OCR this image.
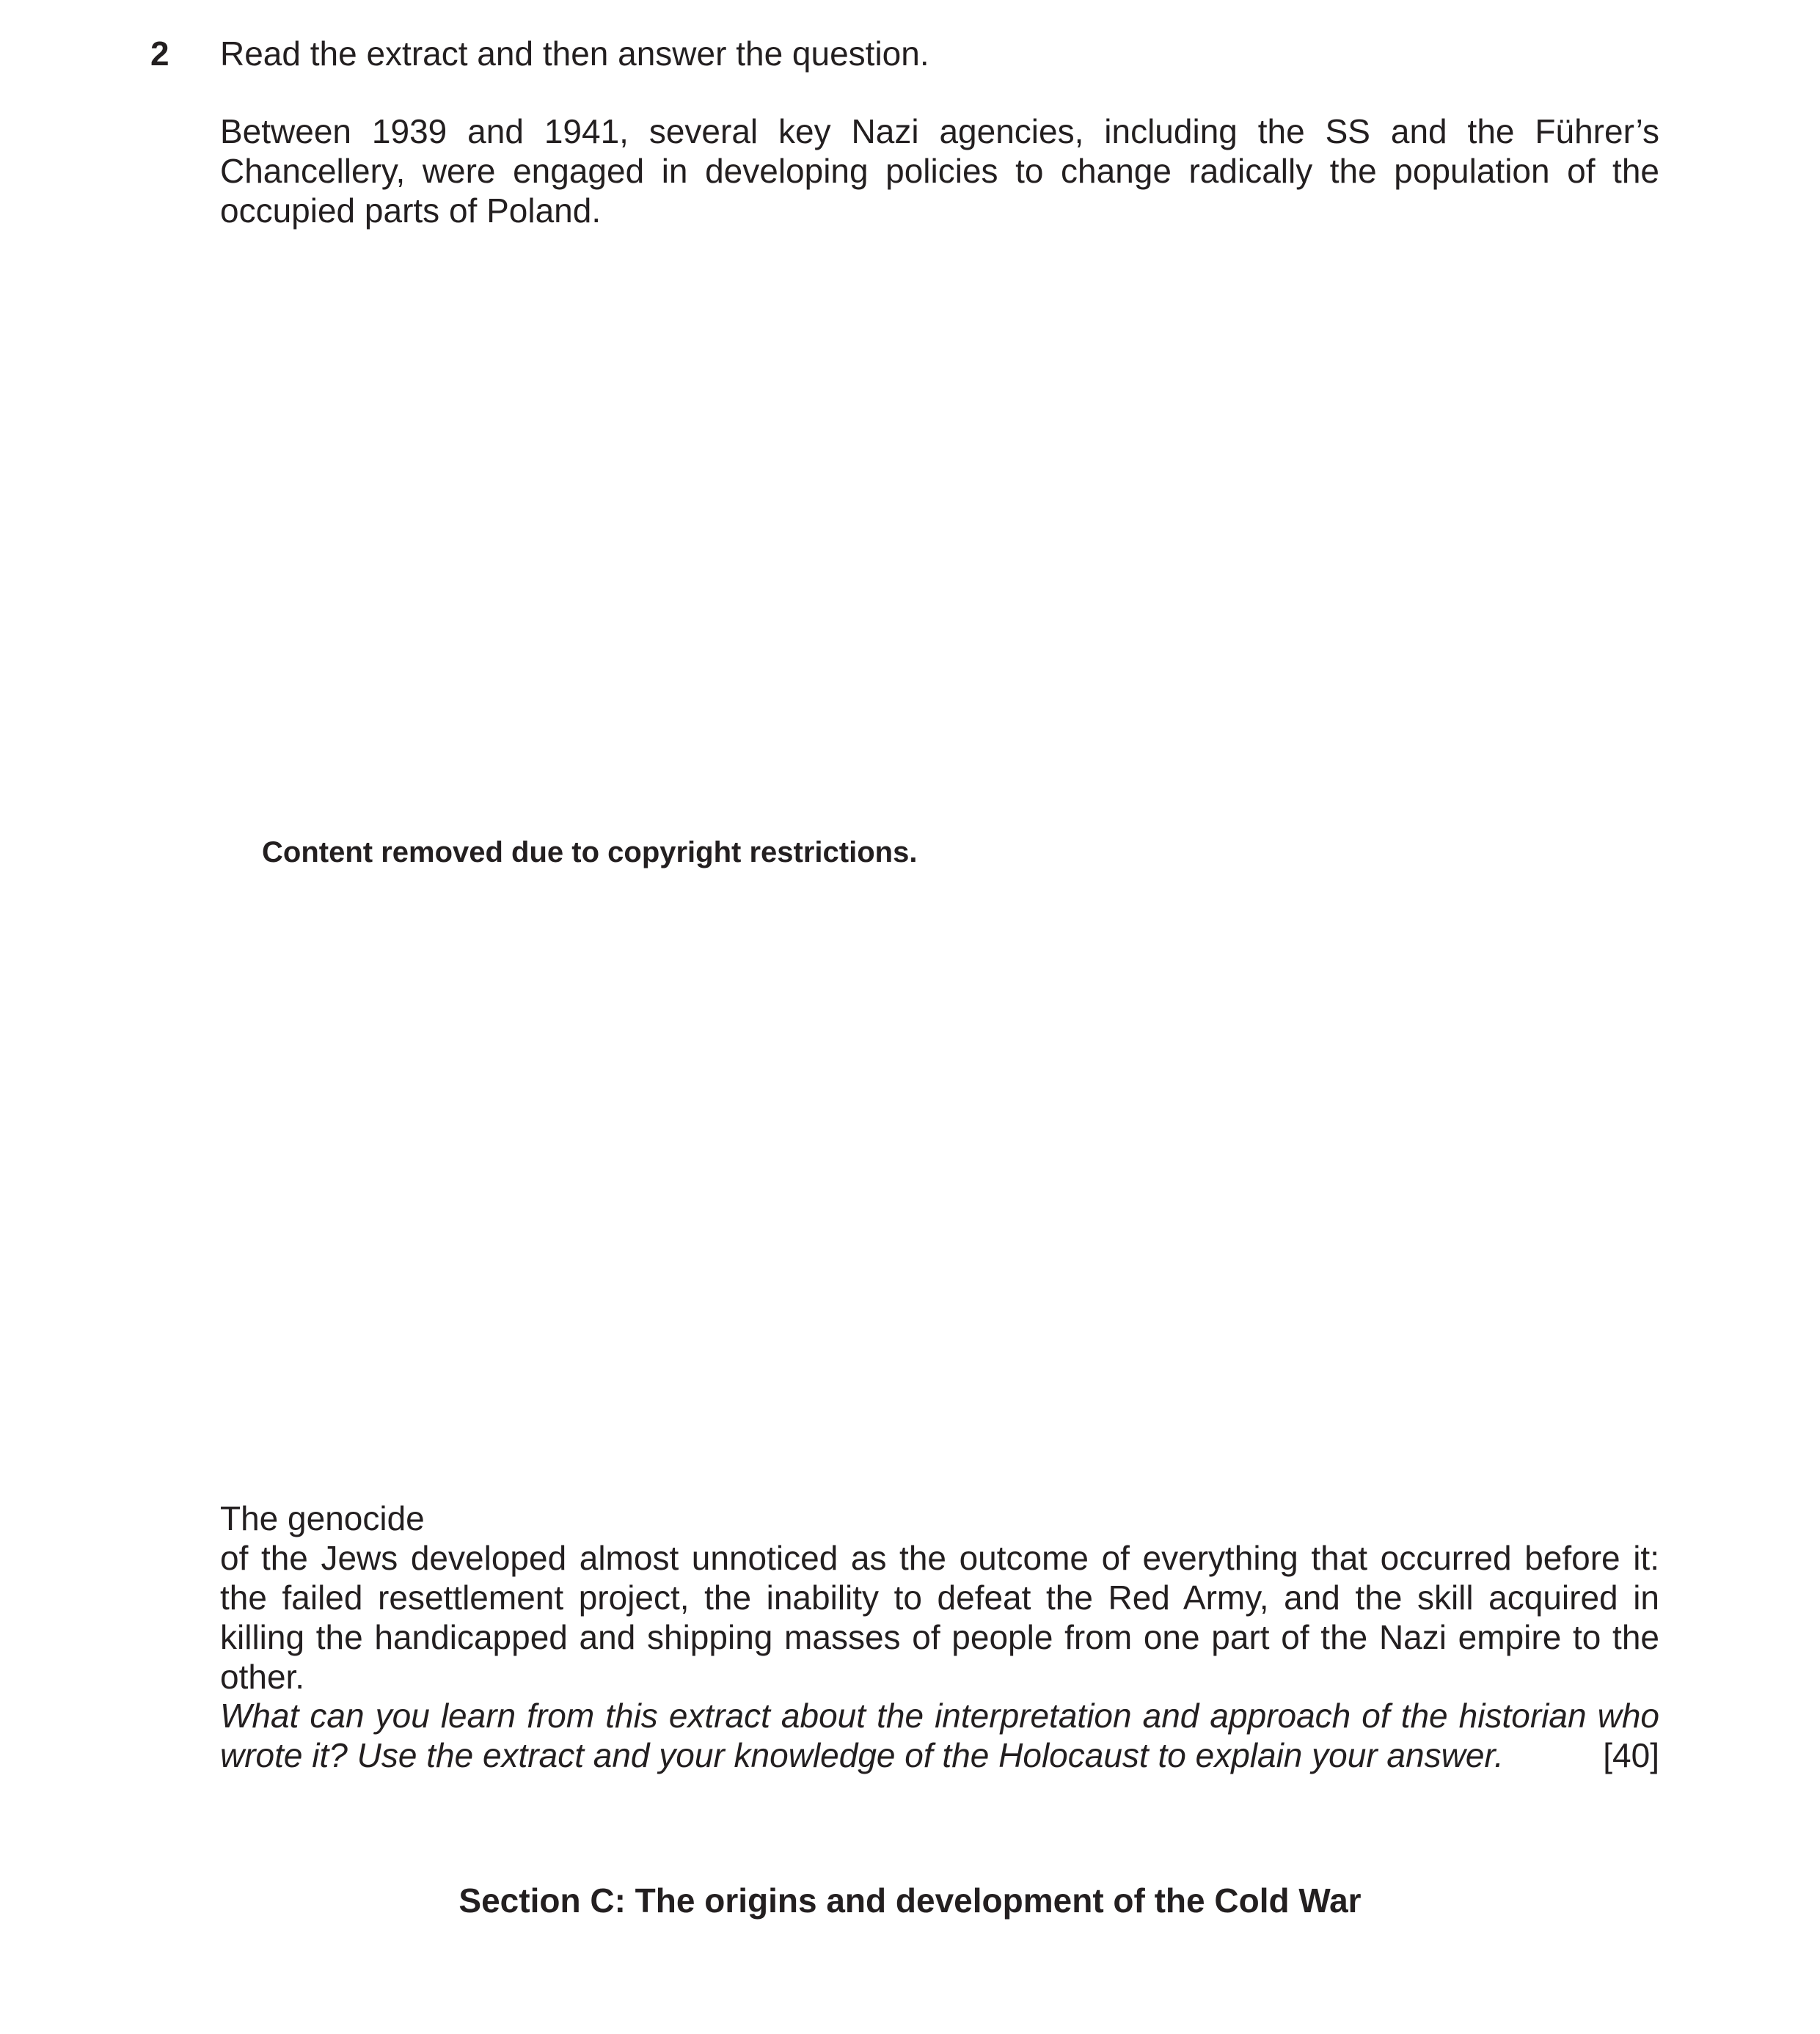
2 Read the extract and then answer the question.

Between 1939 and 1941, several key Nazi agencies, including the SS and the Führer’s Chancellery, were engaged in developing policies to change radically the population of the occupied parts of Poland.

Content removed due to copyright restrictions.
The genocide
of the Jews developed almost unnoticed as the outcome of everything that occurred before it: the failed resettlement project, the inability to defeat the Red Army, and the skill acquired in killing the handicapped and shipping masses of people from one part of the Nazi empire to the other.
What can you learn from this extract about the interpretation and approach of the historian who
wrote it? Use the extract and your knowledge of the Holocaust to explain your answer.	[40]
Section C: The origins and development of the Cold War
